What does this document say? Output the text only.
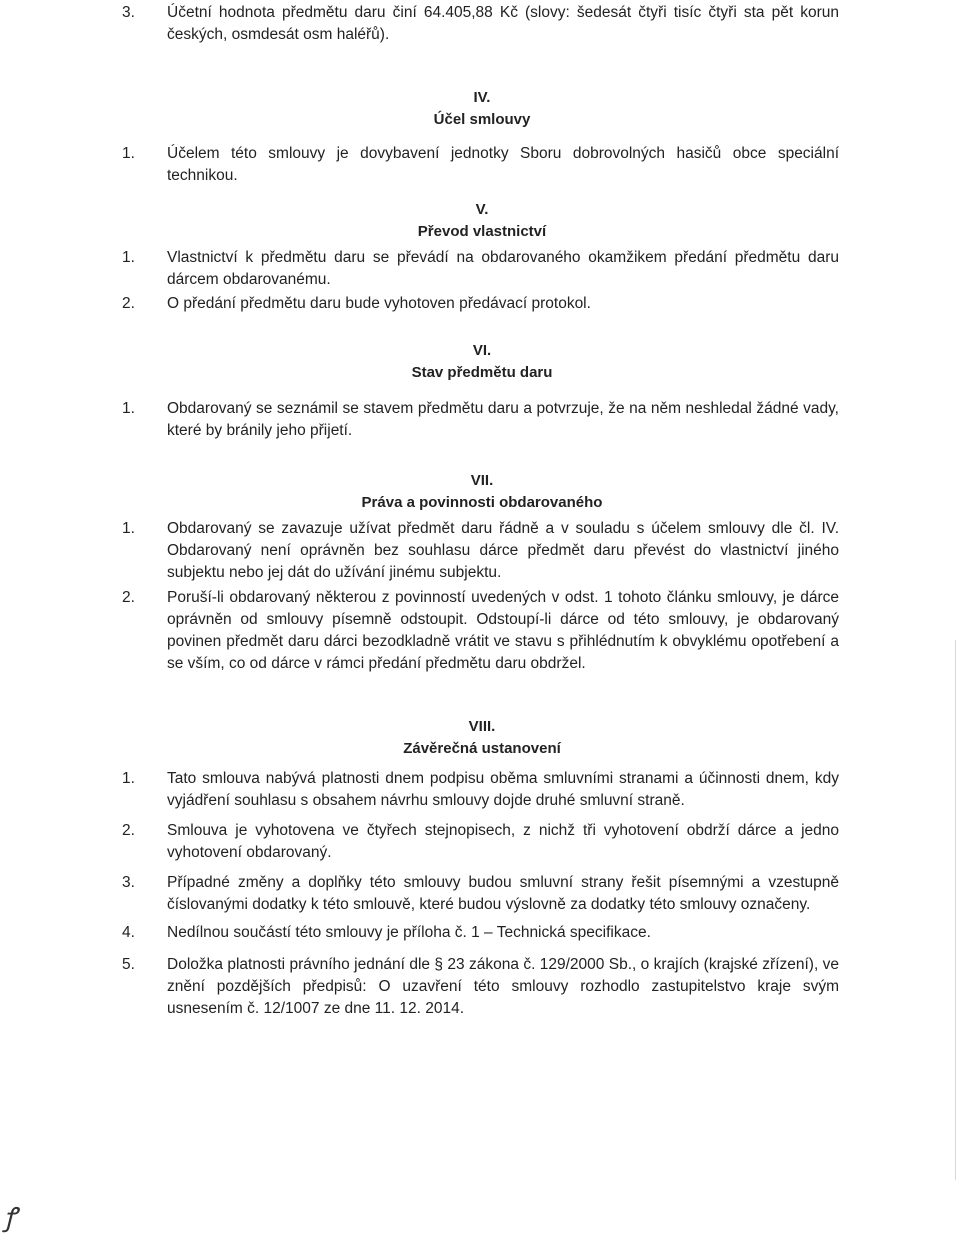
3. Účetní hodnota předmětu daru činí 64.405,88 Kč (slovy: šedesát čtyři tisíc čtyři sta pět korun českých, osmdesát osm haléřů).
IV.
Účel smlouvy
1. Účelem této smlouvy je dovybavení jednotky Sboru dobrovolných hasičů obce speciální technikou.
V.
Převod vlastnictví
1. Vlastnictví k předmětu daru se převádí na obdarovaného okamžikem předání předmětu daru dárcem obdarovanému.
2. O předání předmětu daru bude vyhotoven předávací protokol.
VI.
Stav předmětu daru
1. Obdarovaný se seznámil se stavem předmětu daru a potvrzuje, že na něm neshledal žádné vady, které by bránily jeho přijetí.
VII.
Práva a povinnosti obdarovaného
1. Obdarovaný se zavazuje užívat předmět daru řádně a v souladu s účelem smlouvy dle čl. IV. Obdarovaný není oprávněn bez souhlasu dárce předmět daru převést do vlastnictví jiného subjektu nebo jej dát do užívání jinému subjektu.
2. Poruší-li obdarovaný některou z povinností uvedených v odst. 1 tohoto článku smlouvy, je dárce oprávněn od smlouvy písemně odstoupit. Odstoupí-li dárce od této smlouvy, je obdarovaný povinen předmět daru dárci bezodkladně vrátit ve stavu s přihlédnutím k obvyklému opotřebení a se vším, co od dárce v rámci předání předmětu daru obdržel.
VIII.
Závěrečná ustanovení
1. Tato smlouva nabývá platnosti dnem podpisu oběma smluvními stranami a účinnosti dnem, kdy vyjádření souhlasu s obsahem návrhu smlouvy dojde druhé smluvní straně.
2. Smlouva je vyhotovena ve čtyřech stejnopisech, z nichž tři vyhotovení obdrží dárce a jedno vyhotovení obdarovaný.
3. Případné změny a doplňky této smlouvy budou smluvní strany řešit písemnými a vzestupně číslovanými dodatky k této smlouvě, které budou výslovně za dodatky této smlouvy označeny.
4. Nedílnou součástí této smlouvy je příloha č. 1 – Technická specifikace.
5. Doložka platnosti právního jednání dle § 23 zákona č. 129/2000 Sb., o krajích (krajské zřízení), ve znění pozdějších předpisů: O uzavření této smlouvy rozhodlo zastupitelstvo kraje svým usnesením č. 12/1007 ze dne 11. 12. 2014.
ꝭ
